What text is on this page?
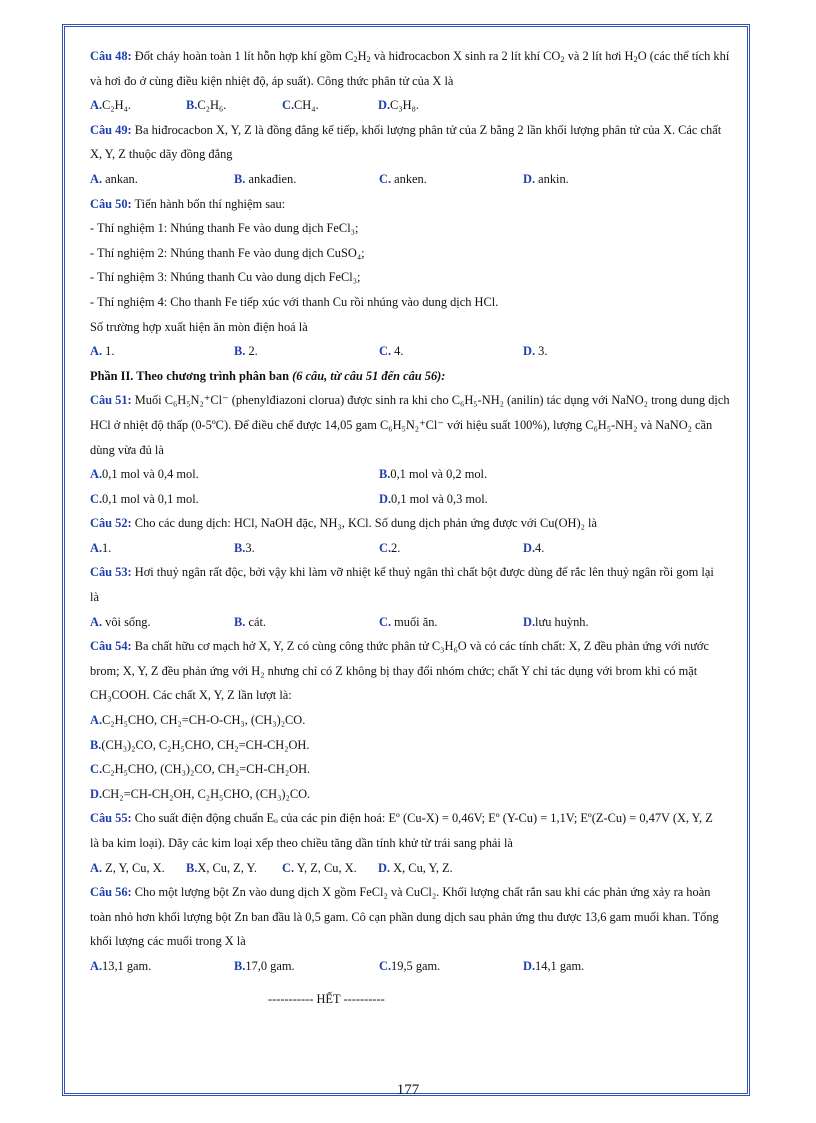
Câu 48: Đốt cháy hoàn toàn 1 lít hỗn hợp khí gồm $C_2H_2$ và hiđrocacbon X sinh ra 2 lít khí $CO_2$ và 2 lít hơi $H_2O$ (các thể tích khí
và hơi đo ở cùng điều kiện nhiệt độ, áp suất). Công thức phân tử của X là
A.C₂H₄.	B.C₂H₆.	C.CH₄.	D.C₃H₈.
Câu 49: Ba hiđrocacbon X, Y, Z là đồng đẳng kế tiếp, khối lượng phân tử của Z bằng 2 lần khối lượng phân tử của X. Các chất
X, Y, Z thuộc dãy đồng đẳng
A. ankan.	B. ankađien.	C. anken.	D. ankin.
Câu 50: Tiến hành bốn thí nghiệm sau:
- Thí nghiệm 1: Nhúng thanh Fe vào dung dịch FeCl₃;
- Thí nghiệm 2: Nhúng thanh Fe vào dung dịch CuSO₄;
- Thí nghiệm 3: Nhúng thanh Cu vào dung dịch FeCl₃;
- Thí nghiệm 4: Cho thanh Fe tiếp xúc với thanh Cu rồi nhúng vào dung dịch HCl.
Số trường hợp xuất hiện ăn mòn điện hoá là
A. 1.	B. 2.	C. 4.	D. 3.
Phần II. Theo chương trình phân ban (6 câu, từ câu 51 đến câu 56):
Câu 51: Muối C₆H₅N₂⁺Cl⁻ (phenylđiazoni clorua) được sinh ra khi cho C₆H₅-NH₂ (anilin) tác dụng với NaNO₂ trong dung dịch
HCl ở nhiệt độ thấp (0-5ºC). Để điều chế được 14,05 gam C₆H₅N₂⁺Cl⁻ với hiệu suất 100%), lượng C₆H₅-NH₂ và NaNO₂ cần
dùng vừa đủ là
A.0,1 mol và 0,4 mol.	B.0,1 mol và 0,2 mol.
C.0,1 mol và 0,1 mol.	D.0,1 mol và 0,3 mol.
Câu 52: Cho các dung dịch: HCl, NaOH đặc, NH₃, KCl. Số dung dịch phản ứng được với Cu(OH)₂ là
A.1.	B.3.	C.2.	D.4.
Câu 53: Hơi thuỷ ngân rất độc, bởi vậy khi làm vỡ nhiệt kế thuỷ ngân thì chất bột được dùng để rắc lên thuỷ ngân rồi gom lại
là
A. vôi sống.	B. cát.	C. muối ăn.	D.lưu huỳnh.
Câu 54: Ba chất hữu cơ mạch hở X, Y, Z có cùng công thức phân tử C₃H₆O và có các tính chất: X, Z đều phản ứng với nước
brom; X, Y, Z đều phản ứng với H₂ nhưng chỉ có Z không bị thay đổi nhóm chức; chất Y chỉ tác dụng với brom khi có mặt
CH₃COOH. Các chất X, Y, Z lần lượt là:
A.C₂H₅CHO, CH₂=CH-O-CH₃, (CH₃)₂CO.
B.(CH₃)₂CO, C₂H₅CHO, CH₂=CH-CH₂OH.
C.C₂H₅CHO, (CH₃)₂CO, CH₂=CH-CH₂OH.
D.CH₂=CH-CH₂OH, C₂H₅CHO, (CH₃)₂CO.
Câu 55: Cho suất điện động chuẩn Eₒ của các pin điện hoá: Eº (Cu-X) = 0,46V; Eº (Y-Cu) = 1,1V; Eº(Z-Cu) = 0,47V (X, Y, Z
là ba kim loại). Dãy các kim loại xếp theo chiều tăng dần tính khử từ trái sang phải là
A. Z, Y, Cu, X. B.X, Cu, Z, Y. C. Y, Z, Cu, X. D. X, Cu, Y, Z.
Câu 56: Cho một lượng bột Zn vào dung dịch X gồm FeCl₂ và CuCl₂. Khối lượng chất rắn sau khi các phản ứng xảy ra hoàn
toàn nhỏ hơn khối lượng bột Zn ban đầu là 0,5 gam. Cô cạn phần dung dịch sau phản ứng thu được 13,6 gam muối khan. Tổng
khối lượng các muối trong X là
A.13,1 gam.	B.17,0 gam.	C.19,5 gam.	D.14,1 gam.
----------- HẾT ----------
177
